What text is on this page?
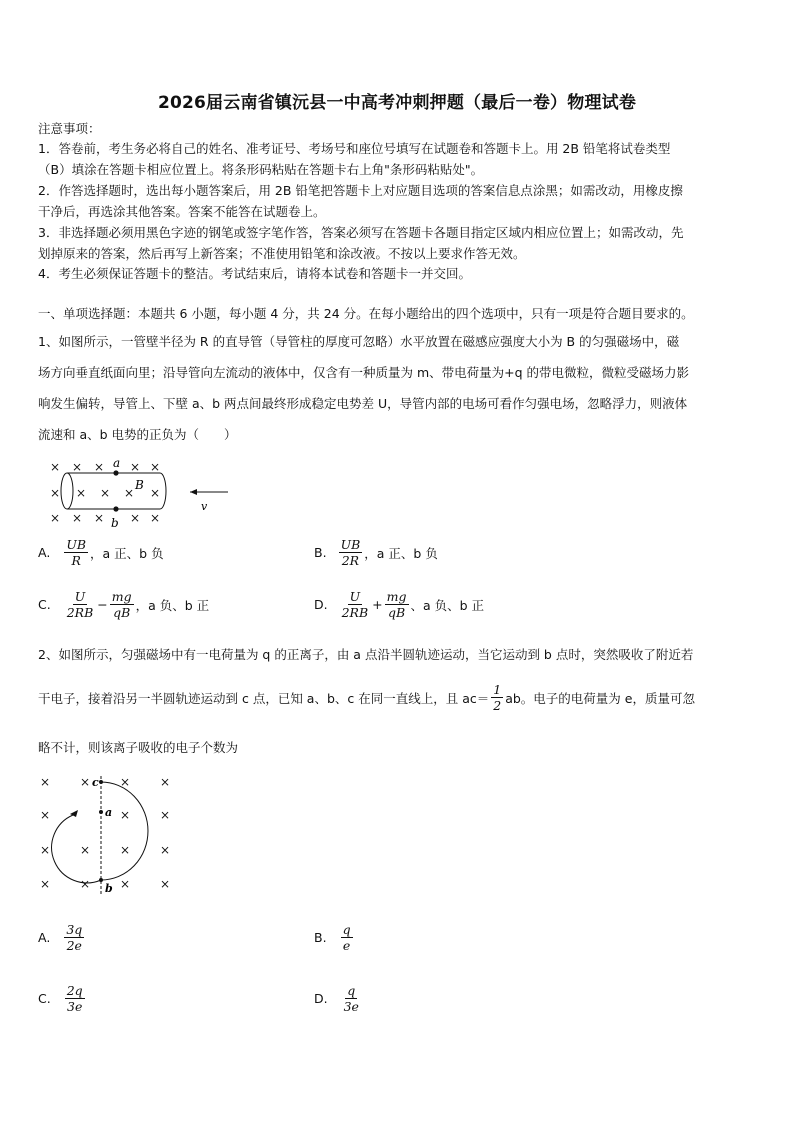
2026届云南省镇沅县一中高考冲刺押题（最后一卷）物理试卷
注意事项：
1．答卷前，考生务必将自己的姓名、准考证号、考场号和座位号填写在试题卷和答题卡上。用 2B 铅笔将试卷类型
（B）填涂在答题卡相应位置上。将条形码粘贴在答题卡右上角"条形码粘贴处"。
2．作答选择题时，选出每小题答案后，用 2B 铅笔把答题卡上对应题目选项的答案信息点涂黑；如需改动，用橡皮擦
干净后，再选涂其他答案。答案不能答在试题卷上。
3．非选择题必须用黑色字迹的钢笔或签字笔作答，答案必须写在答题卡各题目指定区域内相应位置上；如需改动，先
划掉原来的答案，然后再写上新答案；不准使用铅笔和涂改液。不按以上要求作答无效。
4．考生必须保证答题卡的整洁。考试结束后，请将本试卷和答题卡一并交回。
一、单项选择题：本题共 6 小题，每小题 4 分，共 24 分。在每小题给出的四个选项中，只有一项是符合题目要求的。
1、如图所示，一管壁半径为 R 的直导管（导管柱的厚度可忽略）水平放置在磁感应强度大小为 B 的匀强磁场中，磁
场方向垂直纸面向里；沿导管向左流动的液体中，仅含有一种质量为 m、带电荷量为+q 的带电微粒，微粒受磁场力影
响发生偏转，导管上、下壁 a、b 两点间最终形成稳定电势差 U，导管内部的电场可看作匀强电场，忽略浮力，则液体
流速和 a、b 电势的正负为（　　）
× × × × ×
× × × × ×
× × × × ×
a
b
B
v
A. $\frac{UB}{R}$ ，a 正、b 负	B. $\frac{UB}{2R}$ ，a 正、b 负
C. $\frac{U}{2RB} - \frac{mg}{qB}$ ，a 负、b 正	D. $\frac{U}{2RB} + \frac{mg}{qB}$ 、a 负、b 正
2、如图所示，匀强磁场中有一电荷量为 q 的正离子，由 a 点沿半圆轨迹运动，当它运动到 b 点时，突然吸收了附近若
干电子，接着沿另一半圆轨迹运动到 c 点，已知 a、b、c 在同一直线上，且 $ac= \frac{1}{2}$ ab。电子的电荷量为 e，质量可忽
略不计，则该离子吸收的电子个数为
× × × ×
×	× ×
× × × ×
× × × ×
c
a
b
A. $\frac{3q}{2e}$	B. $\frac{q}{e}$
C. $\frac{2q}{3e}$	D. $\frac{q}{3e}$
